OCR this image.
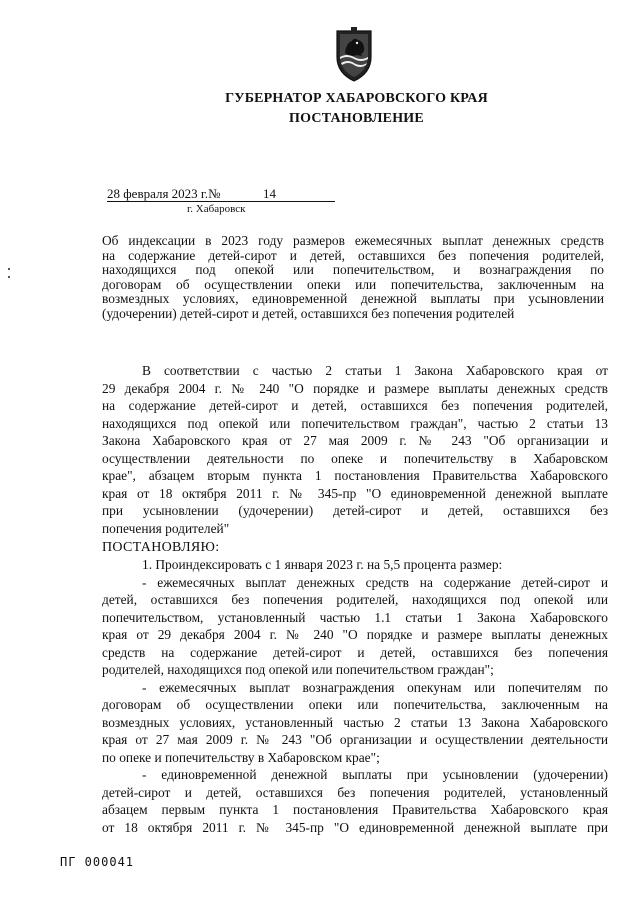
ГУБЕРНАТОР ХАБАРОВСКОГО КРАЯ
ПОСТАНОВЛЕНИЕ
28 февраля 2023 г.№	14
г. Хабаровск
Об индексации в 2023 году размеров ежемесячных выплат денежных средств
на содержание детей-сирот и детей, оставшихся без попечения родителей,
находящихся под опекой или попечительством, и вознаграждения по
договорам об осуществлении опеки или попечительства, заключенным на
возмездных условиях, единовременной денежной выплаты при усыновлении
(удочерении) детей-сирот и детей, оставшихся без попечения родителей
В соответствии с частью 2 статьи 1 Закона Хабаровского края от
29 декабря 2004 г. № 240 "О порядке и размере выплаты денежных средств
на содержание детей-сирот и детей, оставшихся без попечения родителей,
находящихся под опекой или попечительством граждан", частью 2 статьи 13
Закона Хабаровского края от 27 мая 2009 г. № 243 "Об организации и
осуществлении деятельности по опеке и попечительству в Хабаровском
крае", абзацем вторым пункта 1 постановления Правительства Хабаровского
края от 18 октября 2011 г. № 345-пр "О единовременной денежной выплате
при усыновлении (удочерении) детей-сирот и детей, оставшихся без
попечения родителей"
ПОСТАНОВЛЯЮ:
1. Проиндексировать с 1 января 2023 г. на 5,5 процента размер:
- ежемесячных выплат денежных средств на содержание детей-сирот и
детей, оставшихся без попечения родителей, находящихся под опекой или
попечительством, установленный частью 1.1 статьи 1 Закона Хабаровского
края от 29 декабря 2004 г. № 240 "О порядке и размере выплаты денежных
средств на содержание детей-сирот и детей, оставшихся без попечения
родителей, находящихся под опекой или попечительством граждан";
- ежемесячных выплат вознаграждения опекунам или попечителям по
договорам об осуществлении опеки или попечительства, заключенным на
возмездных условиях, установленный частью 2 статьи 13 Закона Хабаровского
края от 27 мая 2009 г. № 243 "Об организации и осуществлении деятельности
по опеке и попечительству в Хабаровском крае";
- единовременной денежной выплаты при усыновлении (удочерении)
детей-сирот и детей, оставшихся без попечения родителей, установленный
абзацем первым пункта 1 постановления Правительства Хабаровского края
от 18 октября 2011 г. № 345-пр "О единовременной денежной выплате при
ПГ 000041
